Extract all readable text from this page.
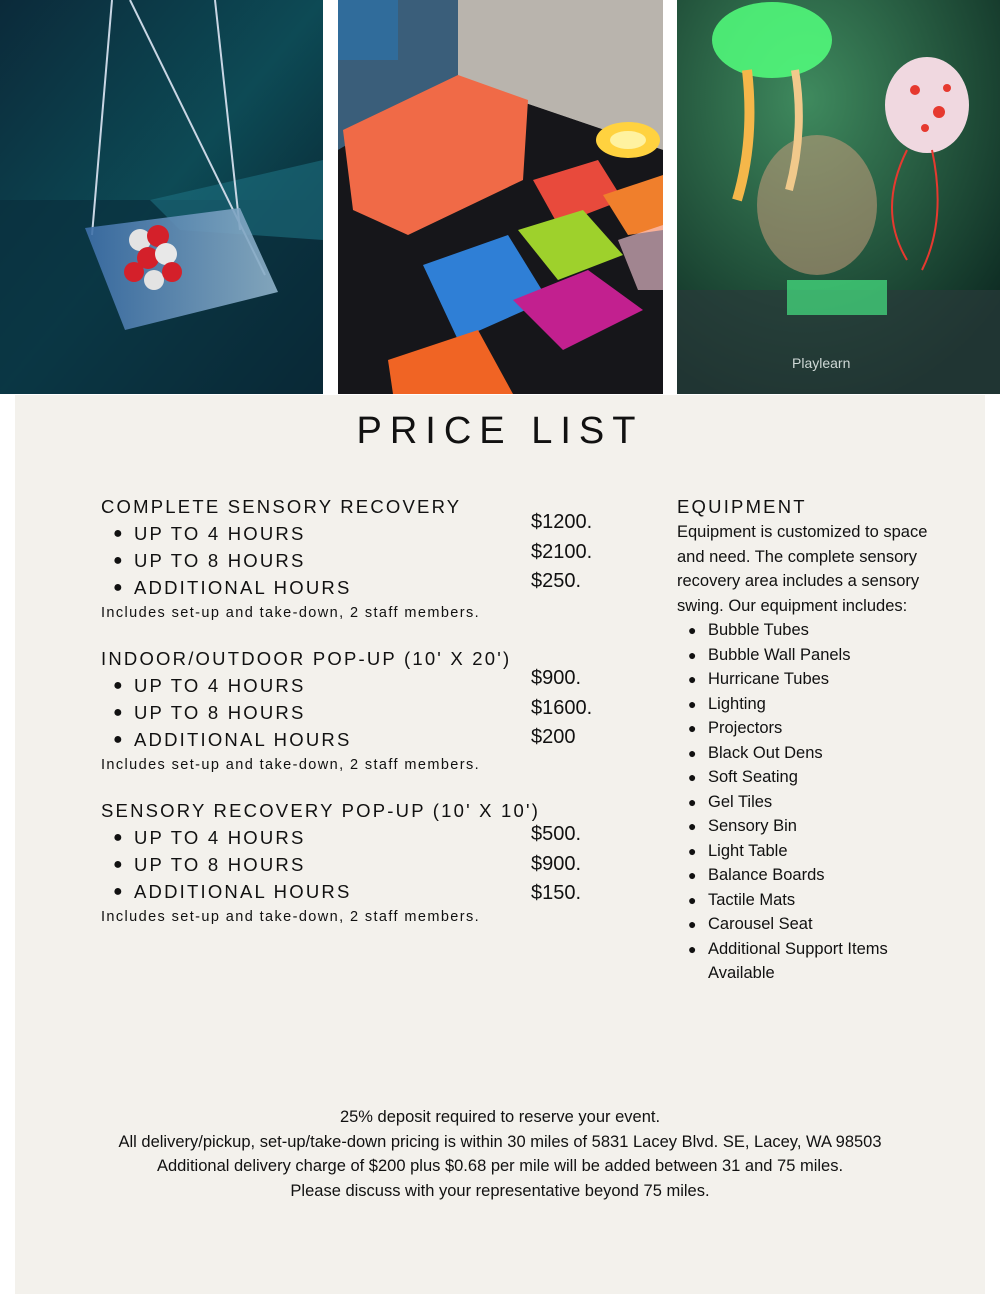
Playlearn
PRICE LIST

COMPLETE SENSORY RECOVERY

● UP TO 4 HOURS
● UP TO 8 HOURS
● ADDITIONAL HOURS
Includes set-up and take-down, 2 staff members.
$1200.
$2100.
$250.

INDOOR/OUTDOOR POP-UP (10' X 20')

● UP TO 4 HOURS
● UP TO 8 HOURS
● ADDITIONAL HOURS
Includes set-up and take-down, 2 staff members.
$900.
$1600.
$200

SENSORY RECOVERY POP-UP (10' X 10')

● UP TO 4 HOURS
● UP TO 8 HOURS
● ADDITIONAL HOURS
Includes set-up and take-down, 2 staff members.
$500.
$900.
$150.

EQUIPMENT

Equipment is customized to space and need. The complete sensory recovery area includes a sensory swing. Our equipment includes:

● Bubble Tubes
● Bubble Wall Panels
● Hurricane Tubes
● Lighting
● Projectors
● Black Out Dens
● Soft Seating
● Gel Tiles
● Sensory Bin
● Light Table
● Balance Boards
● Tactile Mats
● Carousel Seat
● Additional Support Items Available

25% deposit required to reserve your event.

All delivery/pickup, set-up/take-down pricing is within 30 miles of 5831 Lacey Blvd. SE, Lacey, WA 98503

Additional delivery charge of $200 plus $0.68 per mile will be added between 31 and 75 miles.

Please discuss with your representative beyond 75 miles.
